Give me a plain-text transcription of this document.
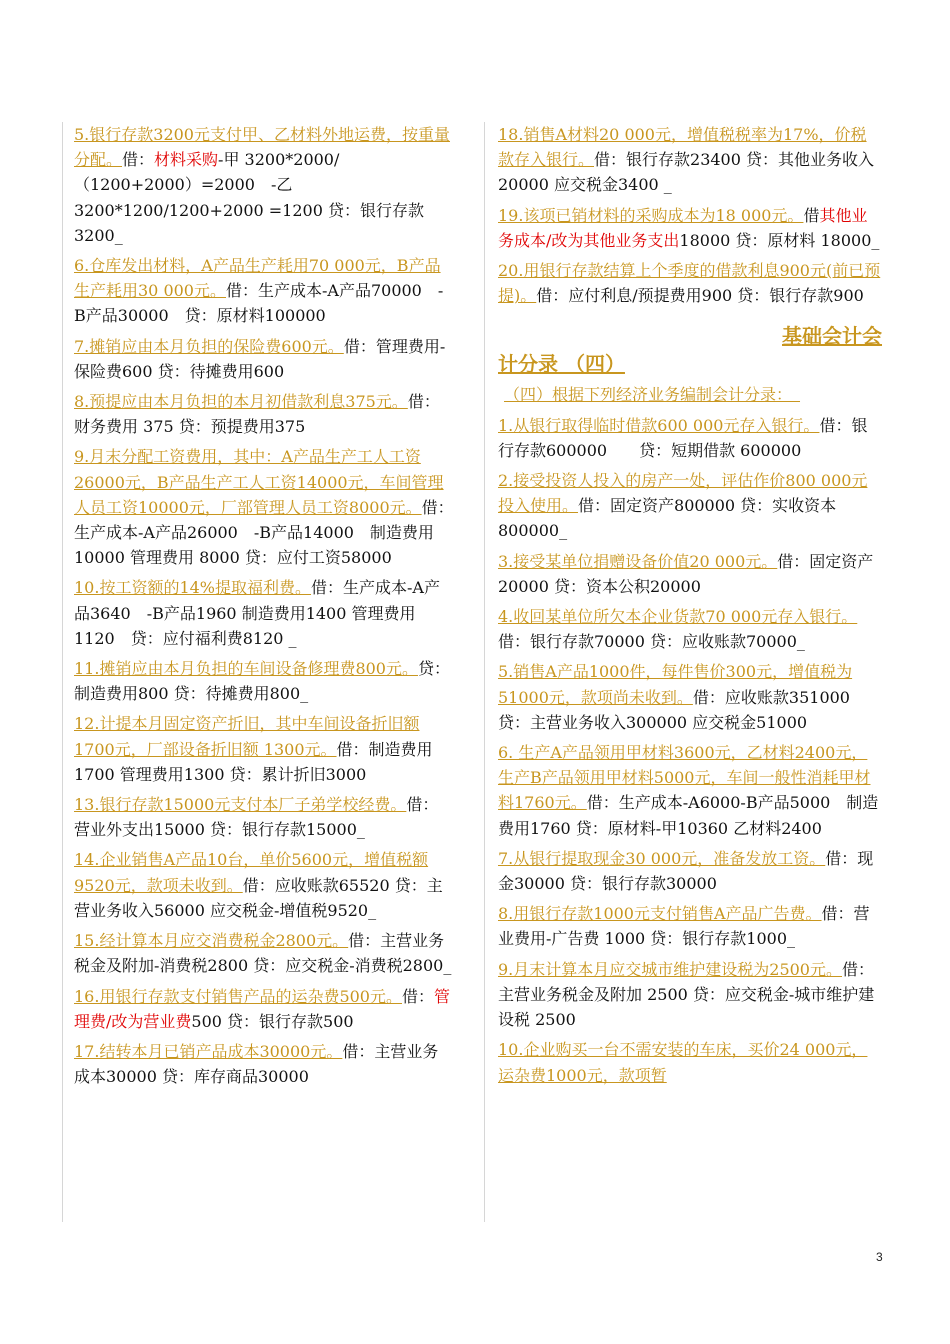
5.银行存款3200元支付甲、乙材料外地运费，按重量分配。借：材料采购-甲 3200*2000/（1200+2000）=2000　-乙 3200*1200/1200+2000 =1200 贷：银行存款 3200_
6.仓库发出材料，A产品生产耗用70 000元，B产品生产耗用30 000元。借：生产成本-A产品70000　-B产品30000　贷：原材料100000
7.摊销应由本月负担的保险费600元。借：管理费用-保险费600 贷：待摊费用600
8.预提应由本月负担的本月初借款利息375元。借：财务费用 375 贷：预提费用375
9.月末分配工资费用，其中：A产品生产工人工资26000元，B产品生产工人工资14000元，车间管理人员工资10000元，厂部管理人员工资8000元。借：生产成本-A产品26000　-B产品14000　制造费用10000 管理费用 8000 贷：应付工资58000
10.按工资额的14%提取福利费。借：生产成本-A产品3640　-B产品1960 制造费用1400 管理费用1120　贷：应付福利费8120 _
11.摊销应由本月负担的车间设备修理费800元。贷：制造费用800 贷：待摊费用800_
12.计提本月固定资产折旧，其中车间设备折旧额1700元，厂部设备折旧额 1300元。借：制造费用1700 管理费用1300 贷：累计折旧3000
13.银行存款15000元支付本厂子弟学校经费。借：营业外支出15000 贷：银行存款15000_
14.企业销售A产品10台，单价5600元，增值税额9520元，款项未收到。借：应收账款65520 贷：主营业务收入56000 应交税金-增值税9520_
15.经计算本月应交消费税金2800元。借：主营业务税金及附加-消费税2800 贷：应交税金-消费税2800_
16.用银行存款支付销售产品的运杂费500元。借：管理费/改为营业费500 贷：银行存款500
17.结转本月已销产品成本30000元。借：主营业务成本30000 贷：库存商品30000
18.销售A材料20 000元，增值税税率为17%，价税款存入银行。借：银行存款23400 贷：其他业务收入20000 应交税金3400 _
19.该项已销材料的采购成本为18 000元。借其他业务成本/改为其他业务支出18000 贷：原材料 18000_
20.用银行存款结算上个季度的借款利息900元(前已预提)。借：应付利息/预提费用900 贷：银行存款900
基础会计会
计分录 （四）
（四）根据下列经济业务编制会计分录：　
1.从银行取得临时借款600 000元存入银行。借：银行存款600000　　贷：短期借款 600000
2.接受投资人投入的房产一处，评估作价800 000元投入使用。借：固定资产800000 贷：实收资本800000_
3.接受某单位捐赠设备价值20 000元。借：固定资产20000 贷：资本公积20000
4.收回某单位所欠本企业货款70 000元存入银行。借：银行存款70000 贷：应收账款70000_
5.销售A产品1000件，每件售价300元，增值税为51000元，款项尚未收到。借：应收账款351000 贷：主营业务收入300000 应交税金51000
6. 生产A产品领用甲材料3600元，乙材料2400元，生产B产品领用甲材料5000元，车间一般性消耗甲材料1760元。借：生产成本-A6000-B产品5000　制造费用1760 贷：原材料-甲10360 乙材料2400
7.从银行提取现金30 000元，准备发放工资。借：现金30000 贷：银行存款30000
8.用银行存款1000元支付销售A产品广告费。借：营业费用-广告费 1000 贷：银行存款1000_
9.月末计算本月应交城市维护建设税为2500元。借：主营业务税金及附加 2500 贷：应交税金-城市维护建设税 2500
10.企业购买一台不需安装的车床，买价24 000元，运杂费1000元，款项暂
3
